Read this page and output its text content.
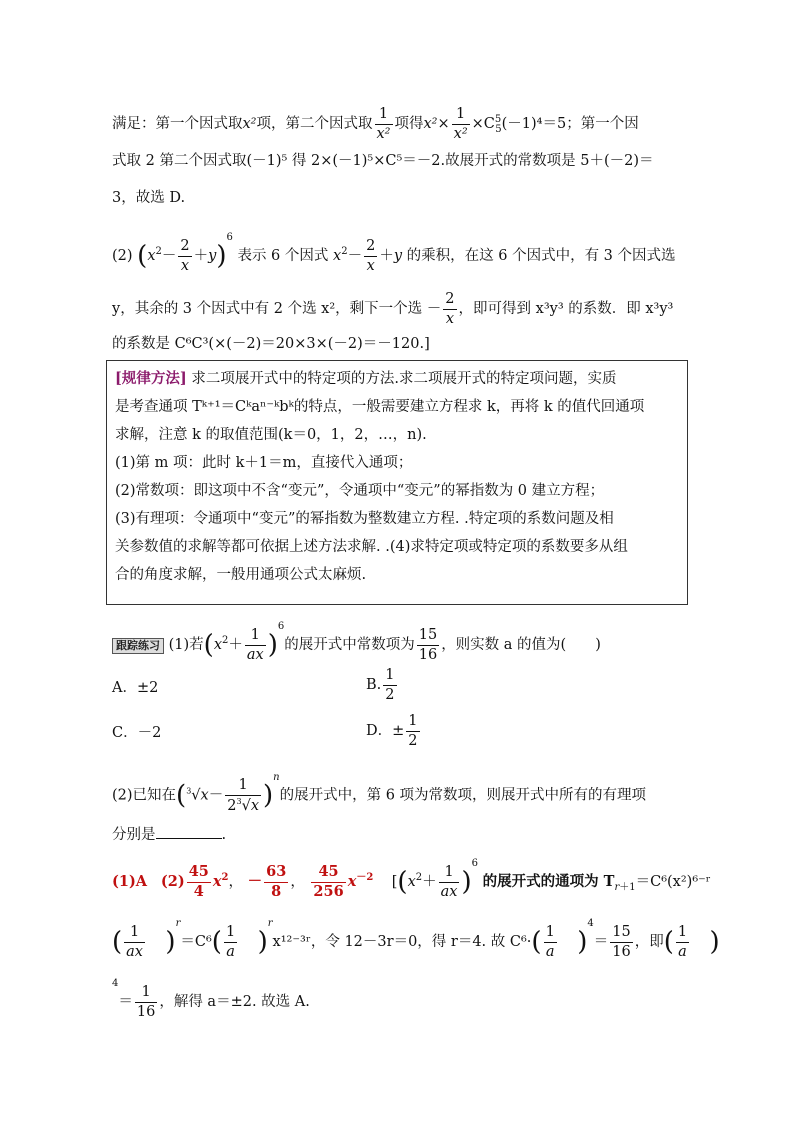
满足：第一个因式取x²项，第二个因式取 $\frac{1}{\text{x²}}$ 项得$x^2\times \frac{1}{\text{x²}} \times C^5_5(-1)^4=5$；第一个因
式取 2 第二个因式取(－1)⁵ 得 2×(－1)⁵×C⁵＝－2.故展开式的常数项是 5＋(－2)＝
3，故选 D.
(2) $(x^2- \frac{2}{x} +y)^6$ 表示 6 个因式 $x^2- \frac{2}{x} +y$ 的乘积，在这 6 个因式中，有 3 个因式选
y，其余的 3 个因式中有 2 个选 x²，剩下一个选 － $\frac{2}{x}$ ，即可得到 x³y³ 的系数．即 x³y³
的系数是 C⁶C³(×(－2)＝20×3×(－2)＝－120.]
[规律方法] 求二项展开式中的特定项的方法.求二项展开式的特定项问题，实质
是考查通项 Tᵏ⁺¹＝Cᵏaⁿ⁻ᵏbᵏ的特点，一般需要建立方程求 k，再将 k 的值代回通项
求解，注意 k 的取值范围(k＝0，1，2，…，n).
(1)第 m 项：此时 k＋1＝m，直接代入通项；
(2)常数项：即这项中不含“变元”，令通项中“变元”的幂指数为 0 建立方程；
(3)有理项：令通项中“变元”的幂指数为整数建立方程. .特定项的系数问题及相
关参数值的求解等都可依据上述方法求解. .(4)求特定项或特定项的系数要多从组
合的角度求解，一般用通项公式太麻烦.
跟踪练习 (1)若$(x^2+ \frac{1}{ax} )^6$的展开式中常数项为 $\frac{15}{16}$ ，则实数 a 的值为(　　)
A．±2	B. $\frac{1}{2}$
C．－2	D．± $\frac{1}{2}$
(2)已知在$(^3√x- \frac{1}{2^3√x} )^n$的展开式中，第 6 项为常数项，则展开式中所有的有理项
分别是	.
(1)A $(2) \frac{45}{4} x^2$， － $\frac{63}{8}$ ， $\frac{45}{256} x^{-2}$    [$(x^2+ \frac{1}{ax} )^6$ 的展开式的通项为 $T_{r+1}=C^6(x^2)^{6-}ʳ$
( $\frac{1}{ax} )^r=C^6( \frac{1}{a}$ )$^rx^{12-3}ʳ$，令 12－3r＝0，得 r＝4. 故 $C^6\cdot( \frac{1}{a} )^4= \frac{15}{16}$ ，即( $\frac{1}{a}$ )
$^4= \frac{1}{16}$ ，解得 a＝±2. 故选 A.
